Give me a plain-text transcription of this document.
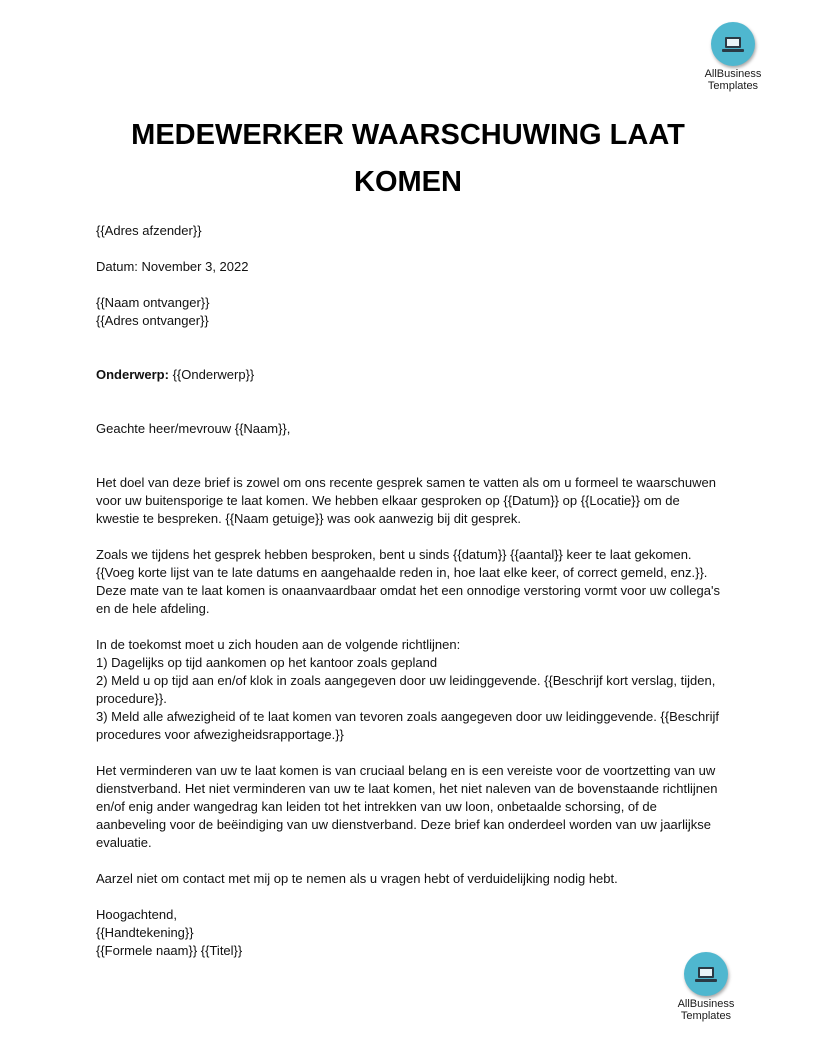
AllBusiness
Templates
MEDEWERKER WAARSCHUWING LAAT KOMEN

{{Adres afzender}}

Datum: November 3, 2022

{{Naam ontvanger}}

{{Adres ontvanger}}

Onderwerp: {{Onderwerp}}

Geachte heer/mevrouw {{Naam}},

Het doel van deze brief is zowel om ons recente gesprek samen te vatten als om u formeel te waarschuwen voor uw buitensporige te laat komen. We hebben elkaar gesproken op {{Datum}} op {{Locatie}} om de kwestie te bespreken. {{Naam getuige}} was ook aanwezig bij dit gesprek.

Zoals we tijdens het gesprek hebben besproken, bent u sinds {{datum}} {{aantal}} keer te laat gekomen. {{Voeg korte lijst van te late datums en aangehaalde reden in, hoe laat elke keer, of correct gemeld, enz.}}. Deze mate van te laat komen is onaanvaardbaar omdat het een onnodige verstoring vormt voor uw collega's en de hele afdeling.

In de toekomst moet u zich houden aan de volgende richtlijnen:

1) Dagelijks op tijd aankomen op het kantoor zoals gepland

2) Meld u op tijd aan en/of klok in zoals aangegeven door uw leidinggevende. {{Beschrijf kort verslag, tijden, procedure}}.

3) Meld alle afwezigheid of te laat komen van tevoren zoals aangegeven door uw leidinggevende. {{Beschrijf procedures voor afwezigheidsrapportage.}}

Het verminderen van uw te laat komen is van cruciaal belang en is een vereiste voor de voortzetting van uw dienstverband. Het niet verminderen van uw te laat komen, het niet naleven van de bovenstaande richtlijnen en/of enig ander wangedrag kan leiden tot het intrekken van uw loon, onbetaalde schorsing, of de aanbeveling voor de beëindiging van uw dienstverband. Deze brief kan onderdeel worden van uw jaarlijkse evaluatie.

Aarzel niet om contact met mij op te nemen als u vragen hebt of verduidelijking nodig hebt.

Hoogachtend,

{{Handtekening}}

{{Formele naam}} {{Titel}}

AllBusiness
Templates
